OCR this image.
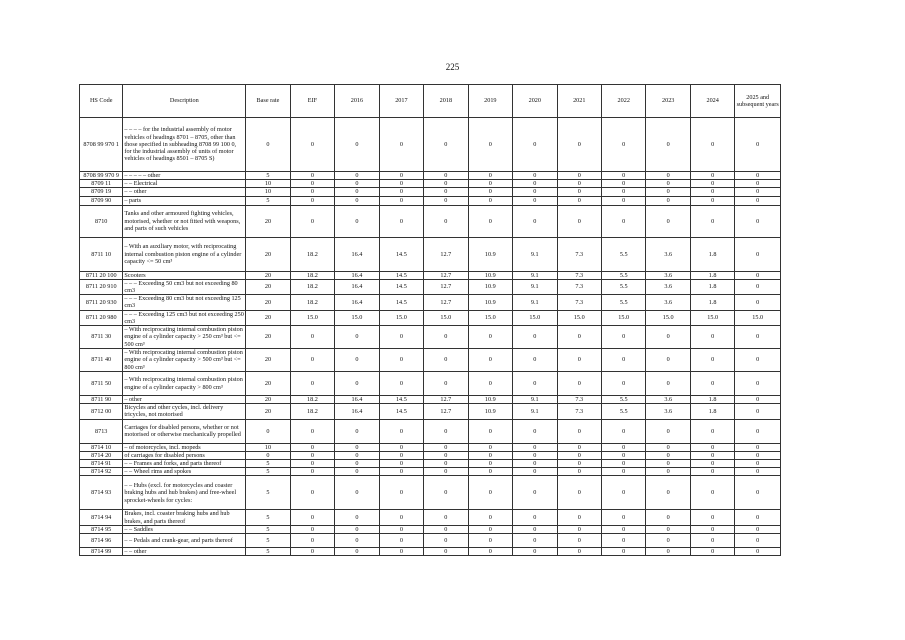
225
HS Code	Description	Base rate	EIF	2016	2017	2018	2019	2020	2021	2022	2023	2024	2025 and subsequent years
8708 99 970 1	– – – – for the industrial assembly of motor vehicles of headings 8701 – 8705, other than those specified in subheading 8708 99 100 0, for the industrial assembly of units of motor vehicles of headings 8501 – 8705 S)	0	0	0	0	0	0	0	0	0	0	0	0
8708 99 970 9	– – – – – other	5	0	0	0	0	0	0	0	0	0	0	0
8709 11	– – Electrical	10	0	0	0	0	0	0	0	0	0	0	0
8709 19	– – other	10	0	0	0	0	0	0	0	0	0	0	0
8709 90	– parts	5	0	0	0	0	0	0	0	0	0	0	0
8710	Tanks and other armoured fighting vehicles, motorised, whether or not fitted with weapons, and parts of such vehicles	20	0	0	0	0	0	0	0	0	0	0	0
8711 10	– With an auxiliary motor, with reciprocating internal combustion piston engine of a cylinder capacity <= 50 cm³	20	18.2	16.4	14.5	12.7	10.9	9.1	7.3	5.5	3.6	1.8	0
8711 20 100	Scooters	20	18.2	16.4	14.5	12.7	10.9	9.1	7.3	5.5	3.6	1.8	0
8711 20 910	– – – Exceeding 50 cm3 but not exceeding 80 cm3	20	18.2	16.4	14.5	12.7	10.9	9.1	7.3	5.5	3.6	1.8	0
8711 20 930	– – – Exceeding 80 cm3 but not exceeding 125 cm3	20	18.2	16.4	14.5	12.7	10.9	9.1	7.3	5.5	3.6	1.8	0
8711 20 980	– – – Exceeding 125 cm3 but not exceeding 250 cm3	20	15.0	15.0	15.0	15.0	15.0	15.0	15.0	15.0	15.0	15.0	15.0
8711 30	– With reciprocating internal combustion piston engine of a cylinder capacity > 250 cm³ but <= 500 cm³	20	0	0	0	0	0	0	0	0	0	0	0
8711 40	– With reciprocating internal combustion piston engine of a cylinder capacity > 500 cm³ but <= 800 cm³	20	0	0	0	0	0	0	0	0	0	0	0
8711 50	– With reciprocating internal combustion piston engine of a cylinder capacity > 800 cm³	20	0	0	0	0	0	0	0	0	0	0	0
8711 90	– other	20	18.2	16.4	14.5	12.7	10.9	9.1	7.3	5.5	3.6	1.8	0
8712 00	Bicycles and other cycles, incl. delivery tricycles, not motorised	20	18.2	16.4	14.5	12.7	10.9	9.1	7.3	5.5	3.6	1.8	0
8713	Carriages for disabled persons, whether or not motorised or otherwise mechanically propelled	0	0	0	0	0	0	0	0	0	0	0	0
8714 10	– of motorcycles, incl. mopeds	10	0	0	0	0	0	0	0	0	0	0	0
8714 20	of carriages for disabled persons	0	0	0	0	0	0	0	0	0	0	0	0
8714 91	– – Frames and forks, and parts thereof	5	0	0	0	0	0	0	0	0	0	0	0
8714 92	– – Wheel rims and spokes	5	0	0	0	0	0	0	0	0	0	0	0
8714 93	– – Hubs (excl. for motorcycles and coaster braking hubs and hub brakes) and free-wheel sprocket-wheels for cycles:	5	0	0	0	0	0	0	0	0	0	0	0
8714 94	Brakes, incl. coaster braking hubs and hub brakes, and parts thereof	5	0	0	0	0	0	0	0	0	0	0	0
8714 95	– – Saddles	5	0	0	0	0	0	0	0	0	0	0	0
8714 96	– – Pedals and crank-gear, and parts thereof	5	0	0	0	0	0	0	0	0	0	0	0
8714 99	– – other	5	0	0	0	0	0	0	0	0	0	0	0
